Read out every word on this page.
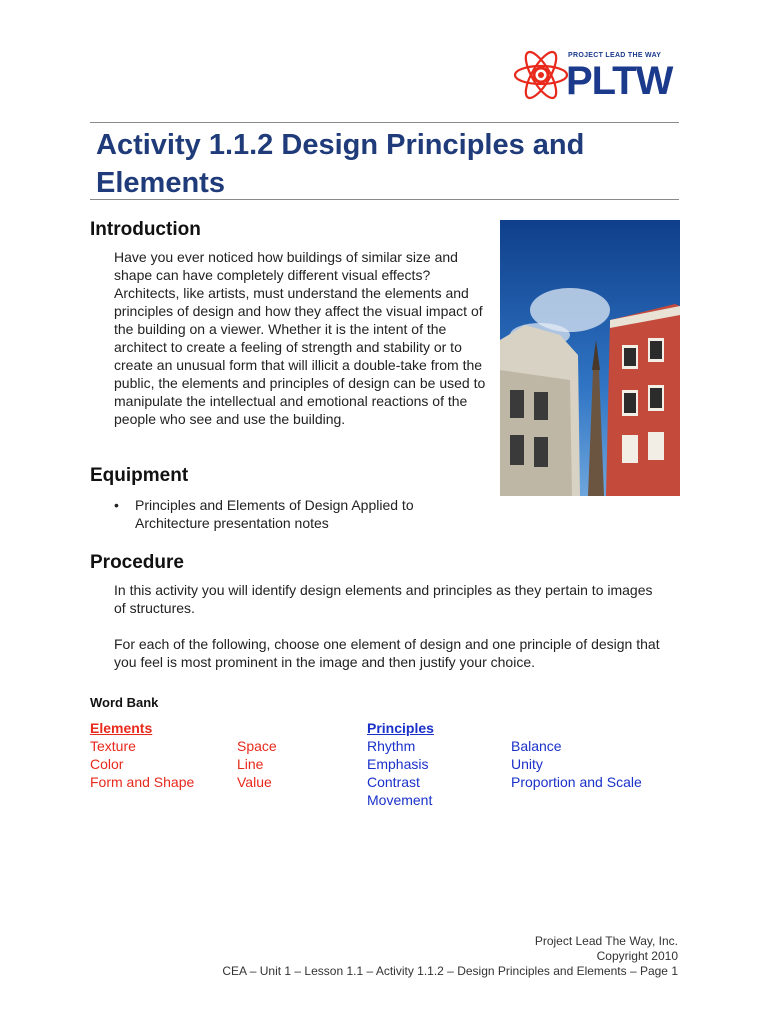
PROJECT LEAD THE WAY
PLTW
Activity 1.1.2 Design Principles and Elements
Introduction
Have you ever noticed how buildings of similar size and shape can have completely different visual effects? Architects, like artists, must understand the elements and principles of design and how they affect the visual impact of the building on a viewer. Whether it is the intent of the architect to create a feeling of strength and stability or to create an unusual form that will illicit a double-take from the public, the elements and principles of design can be used to manipulate the intellectual and emotional reactions of the people who see and use the building.
Equipment
• Principles and Elements of Design Applied to Architecture presentation notes
Procedure
In this activity you will identify design elements and principles as they pertain to images of structures.
For each of the following, choose one element of design and one principle of design that you feel is most prominent in the image and then justify your choice.
Word Bank
Elements
Texture
Color
Form and Shape
Space
Line
Value
Principles
Rhythm
Emphasis
Contrast
Movement
Balance
Unity
Proportion and Scale
Project Lead The Way, Inc.
Copyright 2010
CEA – Unit 1 – Lesson 1.1 – Activity 1.1.2 – Design Principles and Elements – Page 1
